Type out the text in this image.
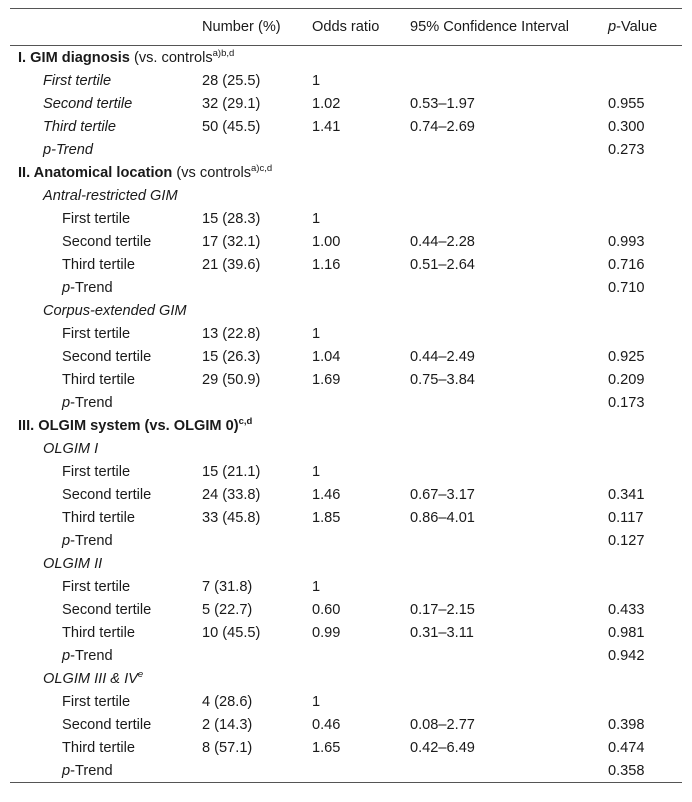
	Number (%)	Odds ratio	95% Confidence Interval	p-Value
I. GIM diagnosis (vs. controls$^{a)b,d}$
First tertile	28 (25.5)	1		
Second tertile	32 (29.1)	1.02	0.53–1.97	0.955
Third tertile	50 (45.5)	1.41	0.74–2.69	0.300
p-Trend				0.273
II. Anatomical location (vs controls$^{a)c,d}$
Antral-restricted GIM				
First tertile	15 (28.3)	1		
Second tertile	17 (32.1)	1.00	0.44–2.28	0.993
Third tertile	21 (39.6)	1.16	0.51–2.64	0.716
p-Trend				0.710
Corpus-extended GIM				
First tertile	13 (22.8)	1		
Second tertile	15 (26.3)	1.04	0.44–2.49	0.925
Third tertile	29 (50.9)	1.69	0.75–3.84	0.209
p-Trend				0.173
III. OLGIM system (vs. OLGIM 0)$^{c,d}$
OLGIM I				
First tertile	15 (21.1)	1		
Second tertile	24 (33.8)	1.46	0.67–3.17	0.341
Third tertile	33 (45.8)	1.85	0.86–4.01	0.117
p-Trend				0.127
OLGIM II				
First tertile	7 (31.8)	1		
Second tertile	5 (22.7)	0.60	0.17–2.15	0.433
Third tertile	10 (45.5)	0.99	0.31–3.11	0.981
p-Trend				0.942
OLGIM III & IVe
First tertile	4 (28.6)	1		
Second tertile	2 (14.3)	0.46	0.08–2.77	0.398
Third tertile	8 (57.1)	1.65	0.42–6.49	0.474
p-Trend				0.358
